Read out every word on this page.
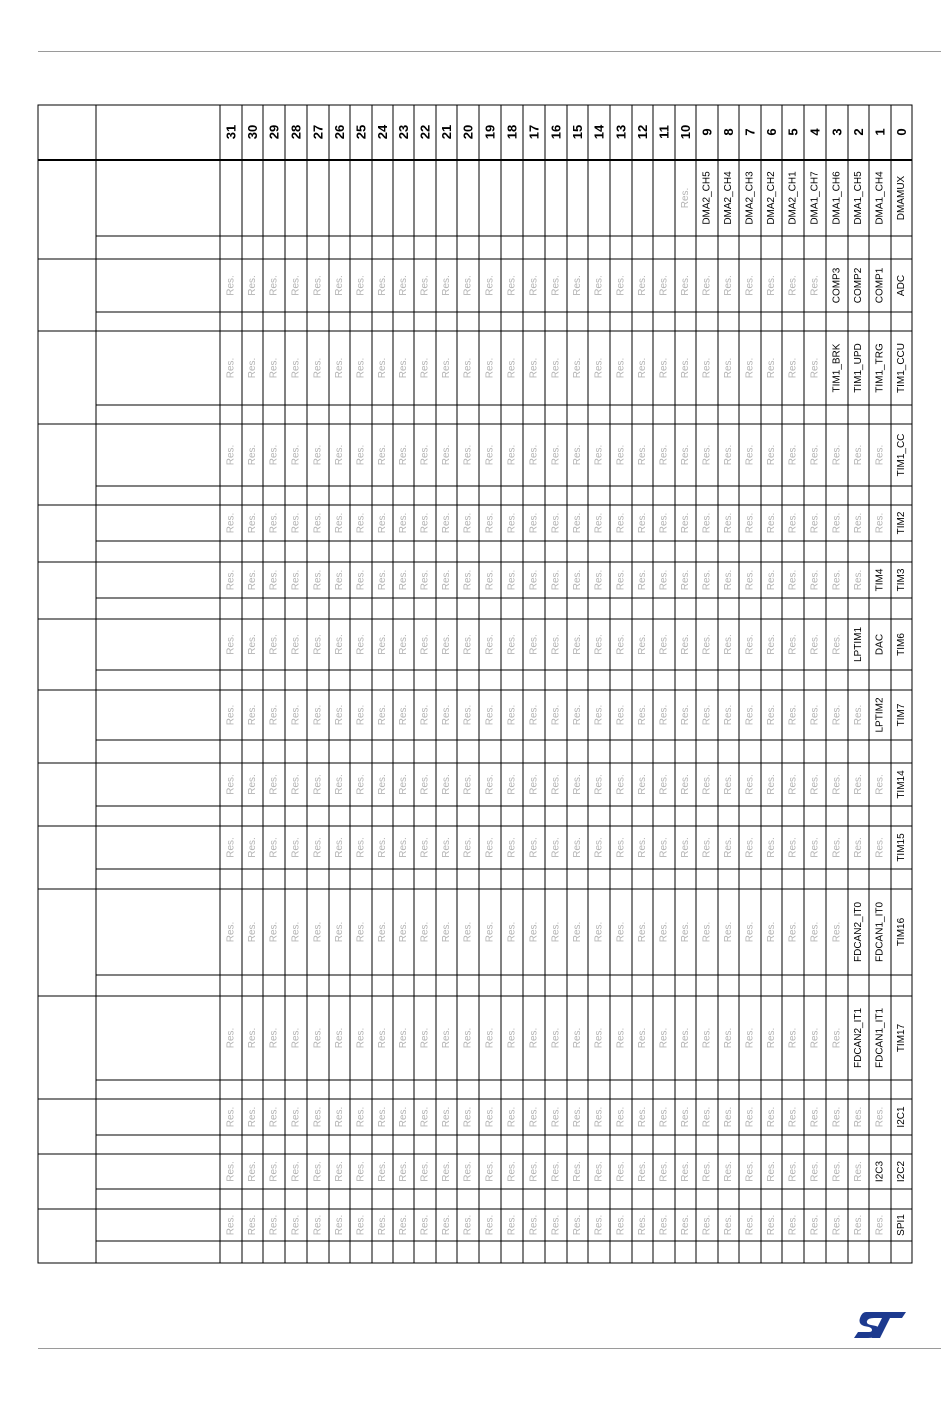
31 30 29 28 27 26 25 24 23 22 21 20 19 18 17 16 15 14 13 12 11 10 9 8 7 6 5 4 3 2 1 0
Res. DMA2_CH5 DMA2_CH4 DMA2_CH3 DMA2_CH2 DMA2_CH1 DMA1_CH7 DMA1_CH6 DMA1_CH5 DMA1_CH4 DMAMUX
Res. Res. Res. Res. Res. Res. Res. Res. Res. Res. Res. Res. Res. Res. Res. Res. Res. Res. Res. Res. Res. Res. Res. Res. Res. Res. Res. Res. COMP3 COMP2 COMP1 ADC
Res. Res. Res. Res. Res. Res. Res. Res. Res. Res. Res. Res. Res. Res. Res. Res. Res. Res. Res. Res. Res. Res. Res. Res. Res. Res. Res. Res. TIM1_BRK TIM1_UPD TIM1_TRG TIM1_CCU
Res. Res. Res. Res. Res. Res. Res. Res. Res. Res. Res. Res. Res. Res. Res. Res. Res. Res. Res. Res. Res. Res. Res. Res. Res. Res. Res. Res. Res. Res. Res. TIM1_CC
Res. Res. Res. Res. Res. Res. Res. Res. Res. Res. Res. Res. Res. Res. Res. Res. Res. Res. Res. Res. Res. Res. Res. Res. Res. Res. Res. Res. Res. Res. Res. TIM2
Res. Res. Res. Res. Res. Res. Res. Res. Res. Res. Res. Res. Res. Res. Res. Res. Res. Res. Res. Res. Res. Res. Res. Res. Res. Res. Res. Res. Res. Res. TIM4 TIM3
Res. Res. Res. Res. Res. Res. Res. Res. Res. Res. Res. Res. Res. Res. Res. Res. Res. Res. Res. Res. Res. Res. Res. Res. Res. Res. Res. Res. Res. LPTIM1 DAC TIM6
Res. Res. Res. Res. Res. Res. Res. Res. Res. Res. Res. Res. Res. Res. Res. Res. Res. Res. Res. Res. Res. Res. Res. Res. Res. Res. Res. Res. Res. Res. LPTIM2 TIM7
Res. Res. Res. Res. Res. Res. Res. Res. Res. Res. Res. Res. Res. Res. Res. Res. Res. Res. Res. Res. Res. Res. Res. Res. Res. Res. Res. Res. Res. Res. Res. TIM14
Res. Res. Res. Res. Res. Res. Res. Res. Res. Res. Res. Res. Res. Res. Res. Res. Res. Res. Res. Res. Res. Res. Res. Res. Res. Res. Res. Res. Res. Res. Res. TIM15
Res. Res. Res. Res. Res. Res. Res. Res. Res. Res. Res. Res. Res. Res. Res. Res. Res. Res. Res. Res. Res. Res. Res. Res. Res. Res. Res. Res. Res. FDCAN2_IT0 FDCAN1_IT0 TIM16
Res. Res. Res. Res. Res. Res. Res. Res. Res. Res. Res. Res. Res. Res. Res. Res. Res. Res. Res. Res. Res. Res. Res. Res. Res. Res. Res. Res. Res. FDCAN2_IT1 FDCAN1_IT1 TIM17
Res. Res. Res. Res. Res. Res. Res. Res. Res. Res. Res. Res. Res. Res. Res. Res. Res. Res. Res. Res. Res. Res. Res. Res. Res. Res. Res. Res. Res. Res. Res. I2C1
Res. Res. Res. Res. Res. Res. Res. Res. Res. Res. Res. Res. Res. Res. Res. Res. Res. Res. Res. Res. Res. Res. Res. Res. Res. Res. Res. Res. Res. Res. I2C3 I2C2
Res. Res. Res. Res. Res. Res. Res. Res. Res. Res. Res. Res. Res. Res. Res. Res. Res. Res. Res. Res. Res. Res. Res. Res. Res. Res. Res. Res. Res. Res. Res. SPI1
